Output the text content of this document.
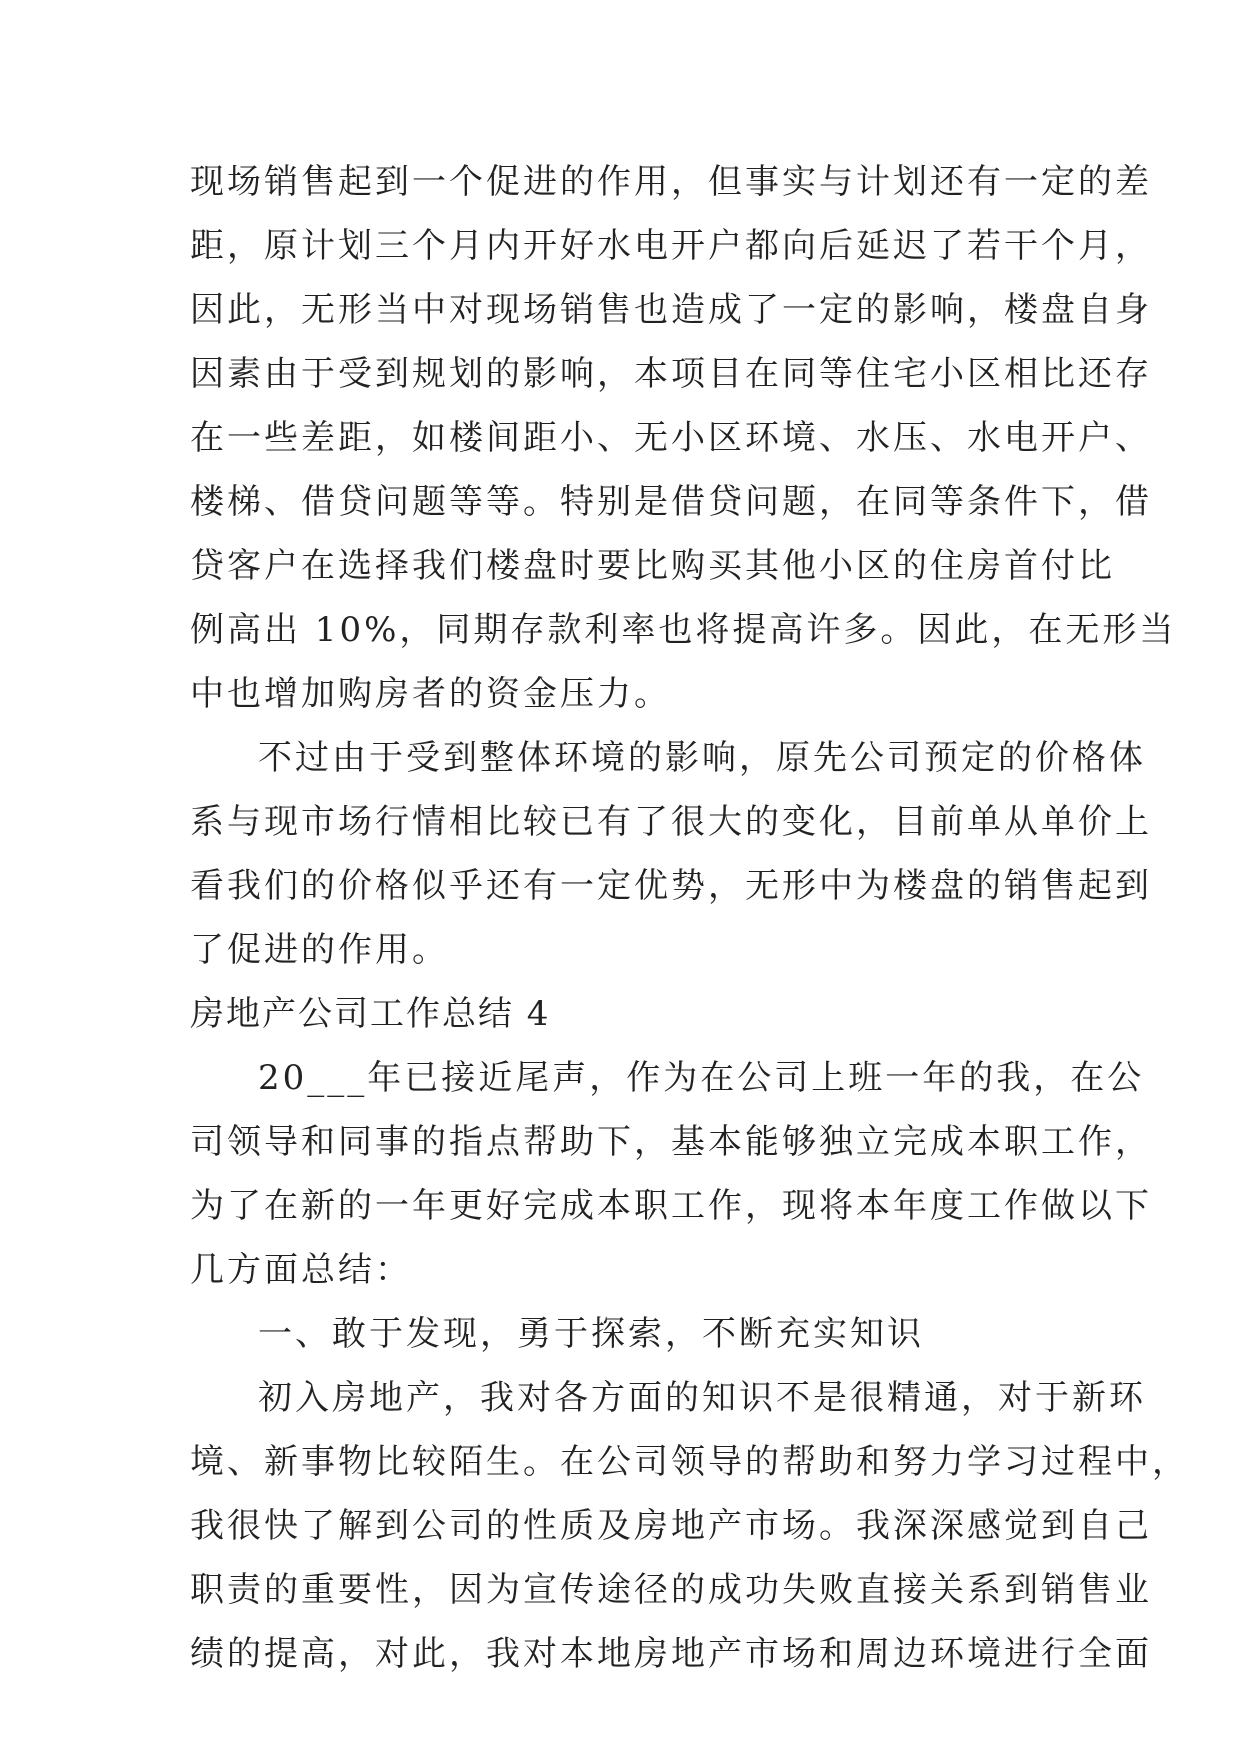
现场销售起到一个促进的作用，但事实与计划还有一定的差
距，原计划三个月内开好水电开户都向后延迟了若干个月，
因此，无形当中对现场销售也造成了一定的影响，楼盘自身
因素由于受到规划的影响，本项目在同等住宅小区相比还存
在一些差距，如楼间距小、无小区环境、水压、水电开户、
楼梯、借贷问题等等。特别是借贷问题，在同等条件下，借
贷客户在选择我们楼盘时要比购买其他小区的住房首付比
例高出 10%，同期存款利率也将提高许多。因此，在无形当
中也增加购房者的资金压力。
不过由于受到整体环境的影响，原先公司预定的价格体
系与现市场行情相比较已有了很大的变化，目前单从单价上
看我们的价格似乎还有一定优势，无形中为楼盘的销售起到
了促进的作用。
房地产公司工作总结 4
20___年已接近尾声，作为在公司上班一年的我，在公
司领导和同事的指点帮助下，基本能够独立完成本职工作，
为了在新的一年更好完成本职工作，现将本年度工作做以下
几方面总结：
一、敢于发现，勇于探索，不断充实知识
初入房地产，我对各方面的知识不是很精通，对于新环
境、新事物比较陌生。在公司领导的帮助和努力学习过程中，
我很快了解到公司的性质及房地产市场。我深深感觉到自己
职责的重要性，因为宣传途径的成功失败直接关系到销售业
绩的提高，对此，我对本地房地产市场和周边环境进行全面
